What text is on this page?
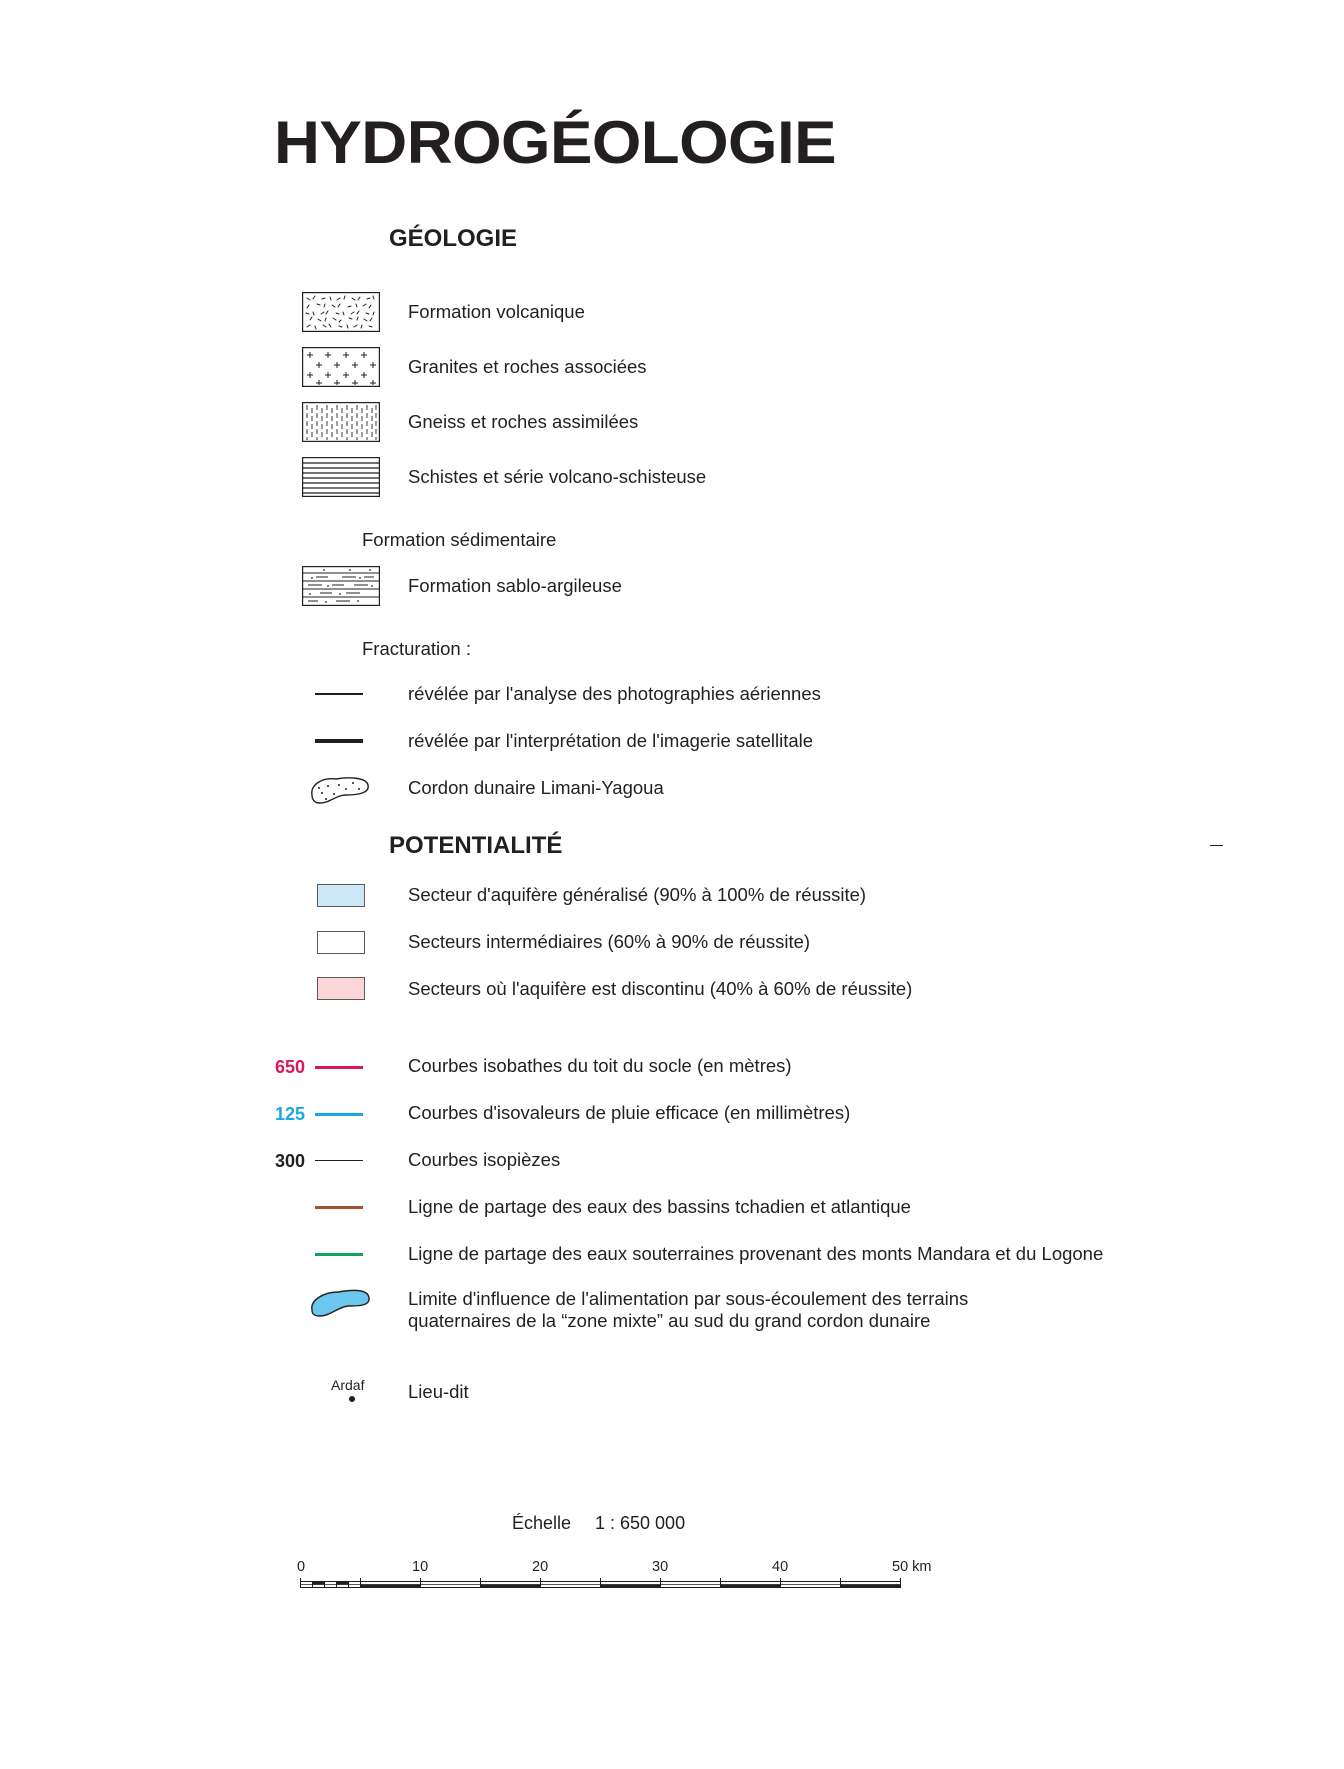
HYDROGÉOLOGIE
GÉOLOGIE
Formation volcanique
Granites et roches associées
Gneiss et roches assimilées
Schistes et série volcano-schisteuse
Formation sédimentaire
Formation sablo-argileuse
Fracturation :
révélée par l'analyse des photographies aériennes
révélée par l'interprétation de l'imagerie satellitale
Cordon dunaire Limani-Yagoua
POTENTIALITÉ
Secteur d'aquifère généralisé (90% à 100% de réussite)
Secteurs intermédiaires (60% à 90% de réussite)
Secteurs où l'aquifère est discontinu (40% à 60% de réussite)
650	Courbes isobathes du toit du socle (en mètres)
125	Courbes d'isovaleurs de pluie efficace (en millimètres)
300	Courbes isopièzes
Ligne de partage des eaux des bassins tchadien et atlantique
Ligne de partage des eaux souterraines provenant des monts Mandara et du Logone
Limite d'influence de l'alimentation par sous-écoulement des terrains
quaternaires de la “zone mixte” au sud du grand cordon dunaire
Ardaf Lieu-dit
Échelle 1 : 650 000
0	10	20	30	40	50 km
